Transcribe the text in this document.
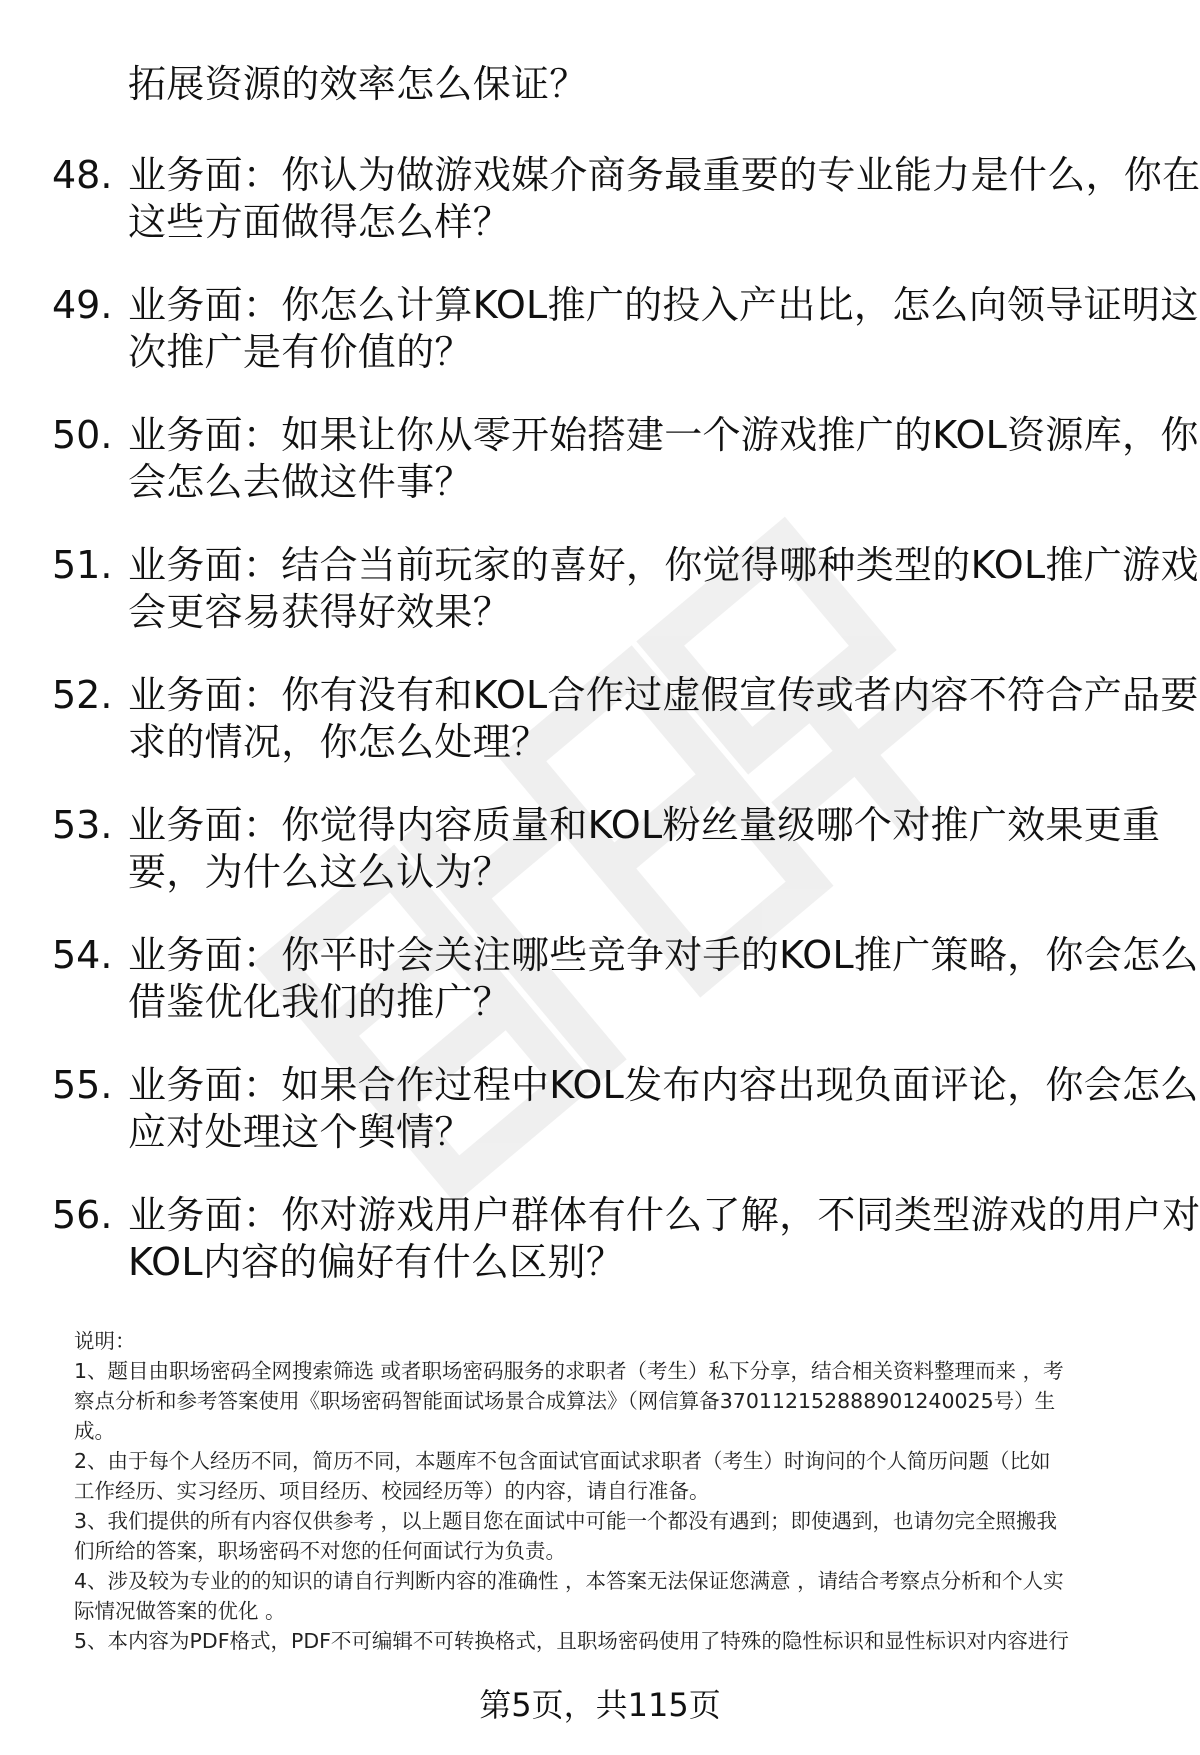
拓展资源的效率怎么保证？
48. 业务面：你认为做游戏媒介商务最重要的专业能力是什么，你在
这些方面做得怎么样？
49. 业务面：你怎么计算KOL推广的投入产出比，怎么向领导证明这
次推广是有价值的？
50. 业务面：如果让你从零开始搭建一个游戏推广的KOL资源库，你
会怎么去做这件事？
51. 业务面：结合当前玩家的喜好，你觉得哪种类型的KOL推广游戏
会更容易获得好效果？
52. 业务面：你有没有和KOL合作过虚假宣传或者内容不符合产品要
求的情况，你怎么处理？
53. 业务面：你觉得内容质量和KOL粉丝量级哪个对推广效果更重
要，为什么这么认为？
54. 业务面：你平时会关注哪些竞争对手的KOL推广策略，你会怎么
借鉴优化我们的推广？
55. 业务面：如果合作过程中KOL发布内容出现负面评论，你会怎么
应对处理这个舆情？
56. 业务面：你对游戏用户群体有什么了解，不同类型游戏的用户对
KOL内容的偏好有什么区别？

说明：

1、题目由职场密码全网搜索筛选 或者职场密码服务的求职者（考生）私下分享，结合相关资料整理而来 ，考

察点分析和参考答案使用《职场密码智能面试场景合成算法》（网信算备370112152888901240025号）生

成。

2、由于每个人经历不同，简历不同，本题库不包含面试官面试求职者（考生）时询问的个人简历问题（比如

工作经历、实习经历、项目经历、校园经历等）的内容，请自行准备。

3、我们提供的所有内容仅供参考 ，以上题目您在面试中可能一个都没有遇到；即使遇到，也请勿完全照搬我

们所给的答案，职场密码不对您的任何面试行为负责。

4、涉及较为专业的的知识的请自行判断内容的准确性 ，本答案无法保证您满意 ，请结合考察点分析和个人实

际情况做答案的优化 。

5、本内容为PDF格式，PDF不可编辑不可转换格式，且职场密码使用了特殊的隐性标识和显性标识对内容进行

第5页，共115页
